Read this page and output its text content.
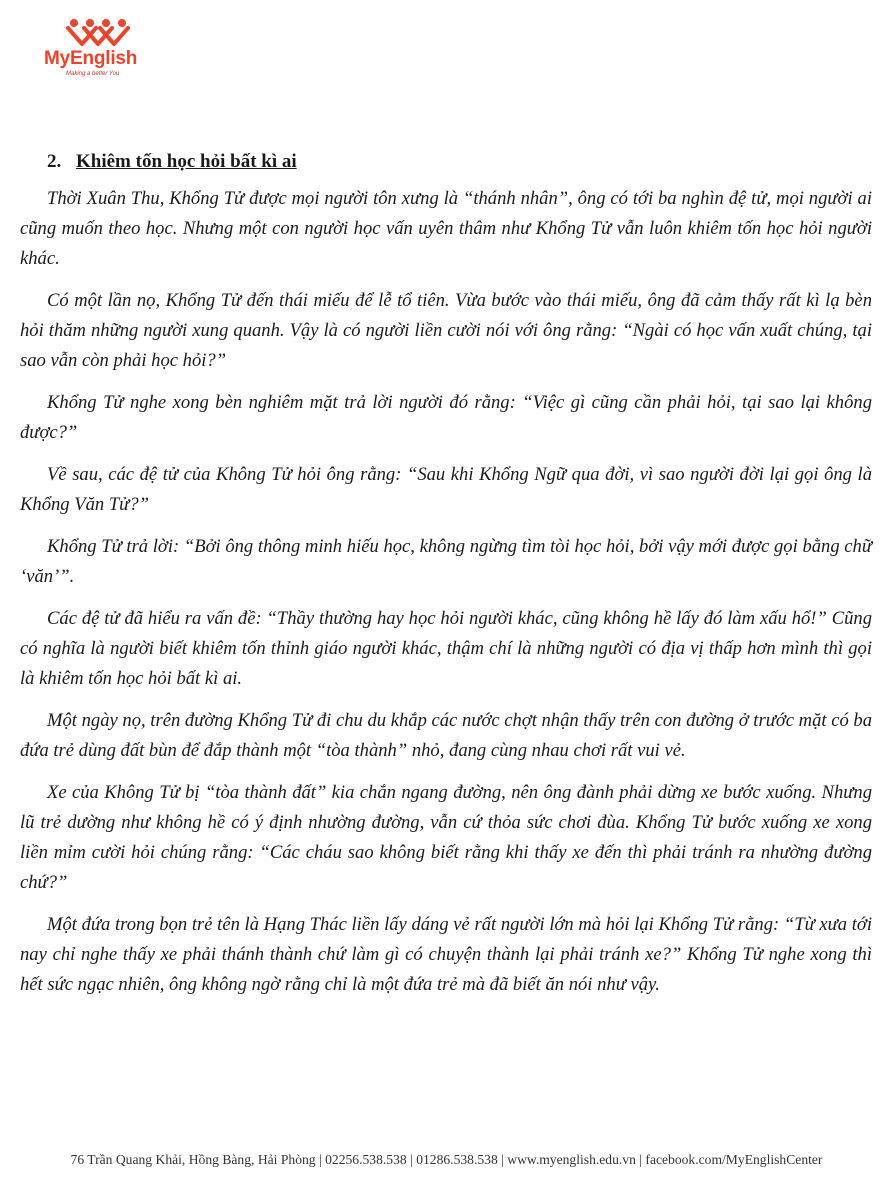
MyEnglish
Making a better You
2. Khiêm tốn học hỏi bất kì ai

Thời Xuân Thu, Khổng Tử được mọi người tôn xưng là “thánh nhân”, ông có tới ba nghìn đệ tử, mọi người ai cũng muốn theo học. Nhưng một con người học vấn uyên thâm như Khổng Tử vẫn luôn khiêm tốn học hỏi người khác.

Có một lần nọ, Khổng Tử đến thái miếu để lễ tổ tiên. Vừa bước vào thái miếu, ông đã cảm thấy rất kì lạ bèn hỏi thăm những người xung quanh. Vậy là có người liền cười nói với ông rằng: “Ngài có học vấn xuất chúng, tại sao vẫn còn phải học hỏi?”

Khổng Tử nghe xong bèn nghiêm mặt trả lời người đó rằng: “Việc gì cũng cần phải hỏi, tại sao lại không được?”

Về sau, các đệ tử của Không Tử hỏi ông rằng: “Sau khi Khổng Ngữ qua đời, vì sao người đời lại gọi ông là Khổng Văn Tử?”

Khổng Tử trả lời: “Bởi ông thông minh hiếu học, không ngừng tìm tòi học hỏi, bởi vậy mới được gọi bằng chữ ‘văn’”.

Các đệ tử đã hiểu ra vấn đề: “Thầy thường hay học hỏi người khác, cũng không hề lấy đó làm xấu hổ!” Cũng có nghĩa là người biết khiêm tốn thỉnh giáo người khác, thậm chí là những người có địa vị thấp hơn mình thì gọi là khiêm tốn học hỏi bất kì ai.

Một ngày nọ, trên đường Khổng Tử đi chu du khắp các nước chợt nhận thấy trên con đường ở trước mặt có ba đứa trẻ dùng đất bùn để đắp thành một “tòa thành” nhỏ, đang cùng nhau chơi rất vui vẻ.

Xe của Không Tử bị “tòa thành đất” kia chắn ngang đường, nên ông đành phải dừng xe bước xuống. Nhưng lũ trẻ dường như không hề có ý định nhường đường, vẫn cứ thỏa sức chơi đùa. Khổng Tử bước xuống xe xong liền mỉm cười hỏi chúng rằng: “Các cháu sao không biết rằng khi thấy xe đến thì phải tránh ra nhường đường chứ?”

Một đứa trong bọn trẻ tên là Hạng Thác liền lấy dáng vẻ rất người lớn mà hỏi lại Khổng Tử rằng: “Từ xưa tới nay chỉ nghe thấy xe phải thánh thành chứ làm gì có chuyện thành lại phải tránh xe?” Khổng Tử nghe xong thì hết sức ngạc nhiên, ông không ngờ rằng chỉ là một đứa trẻ mà đã biết ăn nói như vậy.

76 Trần Quang Khải, Hồng Bàng, Hải Phòng | 02256.538.538 | 01286.538.538 | www.myenglish.edu.vn | facebook.com/MyEnglishCenter
